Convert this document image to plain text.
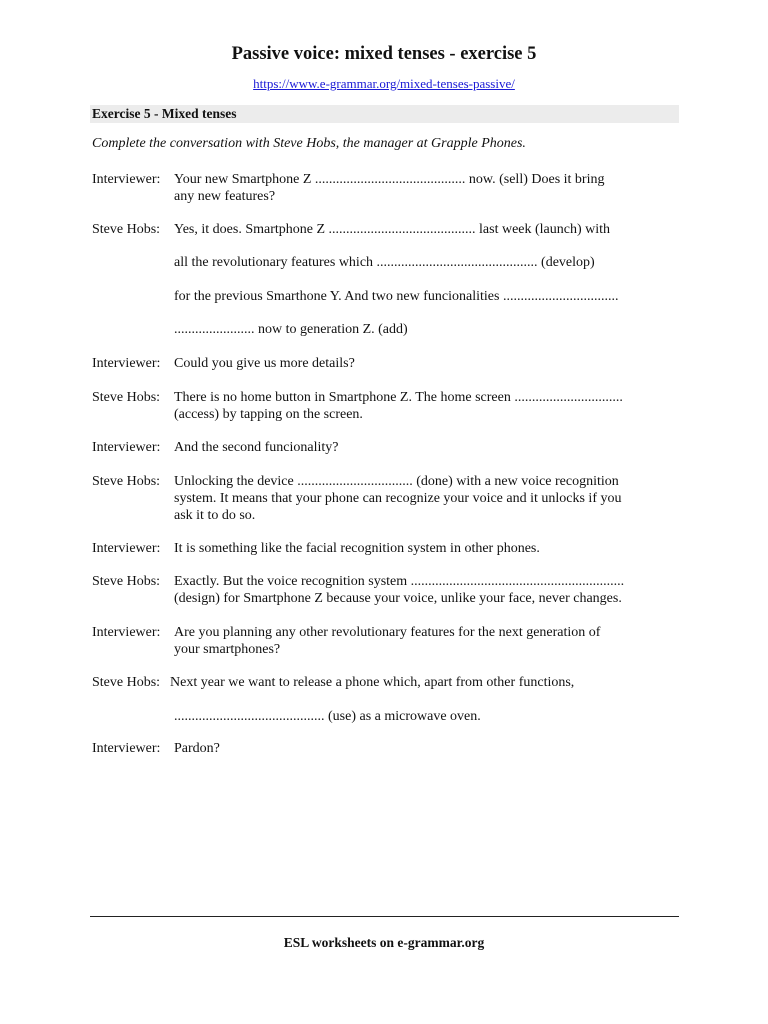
Passive voice: mixed tenses - exercise 5
https://www.e-grammar.org/mixed-tenses-passive/
Exercise 5 - Mixed tenses
Complete the conversation with Steve Hobs, the manager at Grapple Phones.
Interviewer: Your new Smartphone Z ........................................... now. (sell) Does it bring
any new features?
Steve Hobs: Yes, it does. Smartphone Z .......................................... last week (launch) with
all the revolutionary features which .............................................. (develop)
for the previous Smarthone Y. And two new funcionalities .................................
....................... now to generation Z. (add)
Interviewer: Could you give us more details?
Steve Hobs: There is no home button in Smartphone Z. The home screen ...............................
(access) by tapping on the screen.
Interviewer: And the second funcionality?
Steve Hobs: Unlocking the device ................................. (done) with a new voice recognition
system. It means that your phone can recognize your voice and it unlocks if you
ask it to do so.
Interviewer: It is something like the facial recognition system in other phones.
Steve Hobs: Exactly. But the voice recognition system .............................................................
(design) for Smartphone Z because your voice, unlike your face, never changes.
Interviewer: Are you planning any other revolutionary features for the next generation of
your smartphones?
Steve Hobs: Next year we want to release a phone which, apart from other functions,
........................................... (use) as a microwave oven.
Interviewer: Pardon?
ESL worksheets on e-grammar.org
